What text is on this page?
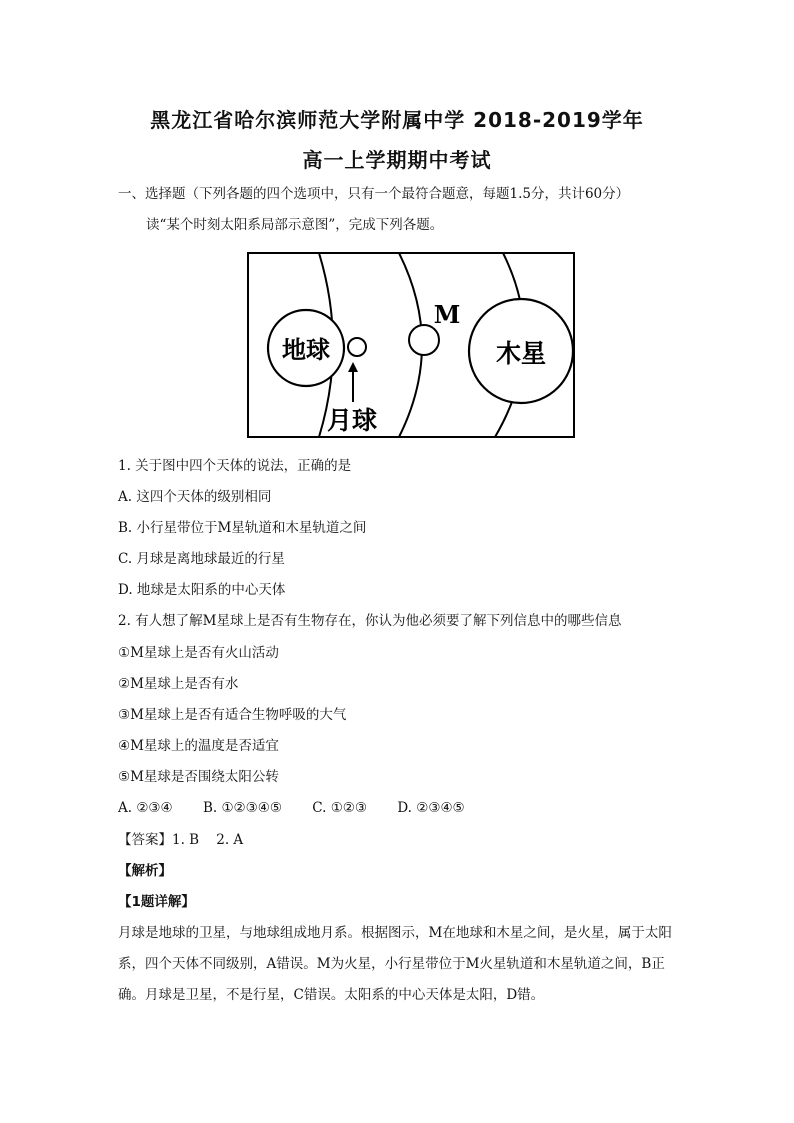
黑龙江省哈尔滨师范大学附属中学 2018-2019学年
高一上学期期中考试
一、选择题（下列各题的四个选项中，只有一个最符合题意，每题1.5分，共计60分）
读“某个时刻太阳系局部示意图”，完成下列各题。
地球
月球
M
木星
1. 关于图中四个天体的说法，正确的是
A. 这四个天体的级别相同
B. 小行星带位于M星轨道和木星轨道之间
C. 月球是离地球最近的行星
D. 地球是太阳系的中心天体
2. 有人想了解M星球上是否有生物存在，你认为他必须要了解下列信息中的哪些信息
①M星球上是否有火山活动
②M星球上是否有水
③M星球上是否有适合生物呼吸的大气
④M星球上的温度是否适宜
⑤M星球是否围绕太阳公转
A. ②③④ B. ①②③④⑤ C. ①②③ D. ②③④⑤
【答案】1. B    2. A
【解析】
【1题详解】
月球是地球的卫星，与地球组成地月系。根据图示，M在地球和木星之间，是火星，属于太阳系，四个天体不同级别，A错误。M为火星，小行星带位于M火星轨道和木星轨道之间，B正确。月球是卫星，不是行星，C错误。太阳系的中心天体是太阳，D错。
